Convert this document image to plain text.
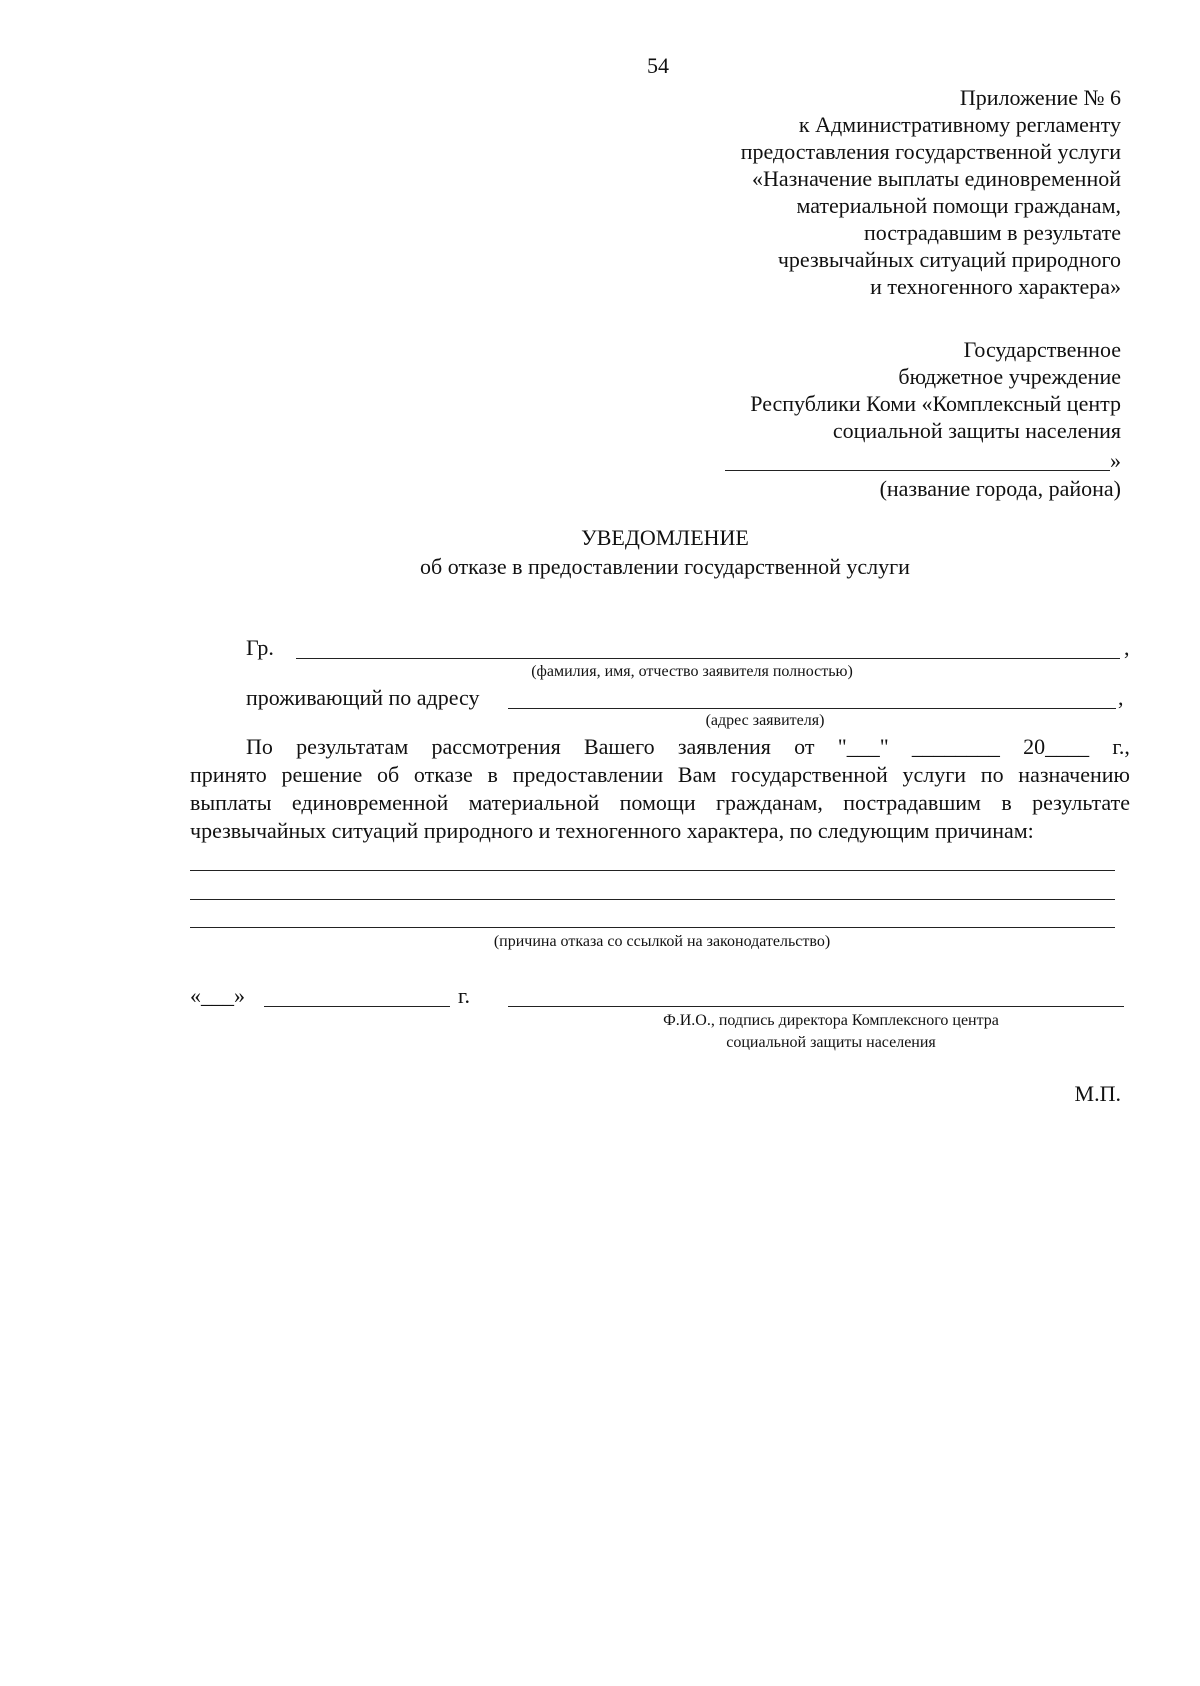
54
Приложение № 6
к Административному регламенту
предоставления государственной услуги
«Назначение выплаты единовременной
материальной помощи гражданам,
пострадавшим в результате
чрезвычайных ситуаций природного
и техногенного характера»
Государственное
бюджетное учреждение
Республики Коми «Комплексный центр
социальной защиты населения
»
(название города, района)
УВЕДОМЛЕНИЕ
об отказе в предоставлении государственной услуги
Гр.	,
(фамилия, имя, отчество заявителя полностью)
проживающий по адресу	,
(адрес заявителя)
По результатам рассмотрения Вашего заявления от "___" ________ 20____ г.,
принято решение об отказе в предоставлении Вам государственной услуги по назначению
выплаты единовременной материальной помощи гражданам, пострадавшим в результате
чрезвычайных ситуаций природного и техногенного характера, по следующим причинам:
(причина отказа со ссылкой на законодательство)
«___»	г.
Ф.И.О., подпись директора Комплексного центра
социальной защиты населения
М.П.
